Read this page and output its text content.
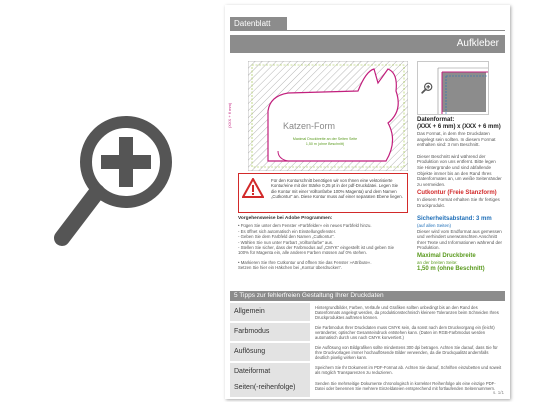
Datenblatt
Aufkleber
Katzen-Form
Maximal Druckbreite an der Seiten Seite
1,50 m (ohne Beschnitt)
(XXX + 6 mm)	Datenformat:
(XXX + 6 mm) x (XXX + 6 mm)
Das Format, in dem Ihre Druckdaten angelegt sein sollten. In diesem Format enthalten sind: 3 mm Beschnitt.
Dieser Beschnitt wird während der Produktion von uns entfernt. Bitte legen Sie Hintergründe und sind abfallende Objekte immer bis an den Rand Ihres Datenformates an, um weiße Seitenränder zu vermeiden.
Cutkontur (Freie Stanzform)
In diesem Format erhalten Sie Ihr fertiges Druckprodukt.
Sicherheitsabstand: 3 mm
(auf allen Seiten)
Dieser wird vom Endformat aus gemessen und verhindert unerwünschten Anschnitt Ihrer Texte und Informationen während der Produktion.
Maximal Druckbreite
an der breiten Seite:
1,50 m (ohne Beschnitt)
Für den Konturschnitt benötigen wir von Ihnen eine vektorisierte Kontur/eine mit der Stärke 0,25 pt in der pdf-Druckdatei. Legen Sie die Kontur mit einer Volltonfarbe 100% Magenta) und dem Namen „Cutkontur“ an. Diese Kontur muss auf einer separaten Ebene liegen.
Vorgehensweise bei Adobe Programmen:
• Fügen Sie unter dem Fenster »Farbfelder« ein neues Farbfeld hinzu.
- Es öffnet sich automatisch ein Einstellungsfenster.
- Geben Sie dem Farbfeld den Namen „Cutkontur“.
- Wählen Sie nun unter Farbart „Volltonfarbe“ aus.
- Stellen Sie sicher, dass der Farbmodus auf „CMYK“ eingestellt ist und geben Sie
100% für Magenta ein, alle anderen Farben müssen auf 0% stehen.
• Markieren Sie Ihre Cutkontur und öffnen Sie das Fenster »Attribute«.
Setzen Sie hier ein Häkchen bei „Kontur überdrucken“.
5 Tipps zur fehlerfreien Gestaltung Ihrer Druckdaten
Allgemein
Hintergrundbilder, Farben, Verläufe und Grafiken sollten unbedingt bis an den Rand des Datenformats angelegt werden, da produktionstechnisch kleinere Toleranzen beim Schneiden Ihres Druckproduktes auftreten können.
Farbmodus
Die Farbmodus Ihrer Druckdaten muss CMYK sein, da sonst nach dem Druckvorgang ein (leicht) veränderter, optischer Gesamteindruck entstehen kann. (Daten im RGB-Farbmodus werden automatisch durch uns nach CMYK konvertiert.)
Auflösung
Die Auflösung von Bildgrafiken sollte mindestens 300 dpi betragen. Achten Sie darauf, dass Sie für Ihre Druckvorlagen immer hochauflösende Bilder verwenden, da die Druckqualität andernfalls deutlich pixelig wirken kann.
Dateiformat
Speichern Sie Ihr Dokument im PDF-Format ab. Achten Sie darauf, Schriften einzubetten und soweit als möglich Transparenzen zu reduzieren.
Seiten(-reihenfolge)
Senden Sie mehrseitige Dokumente chronologisch in korrekter Reihenfolge als eine einzige PDF-Datei oder benennen Sie mehrere Einzeldateien entsprechend mit fortlaufenden Seitennummern.
s. 1/1
